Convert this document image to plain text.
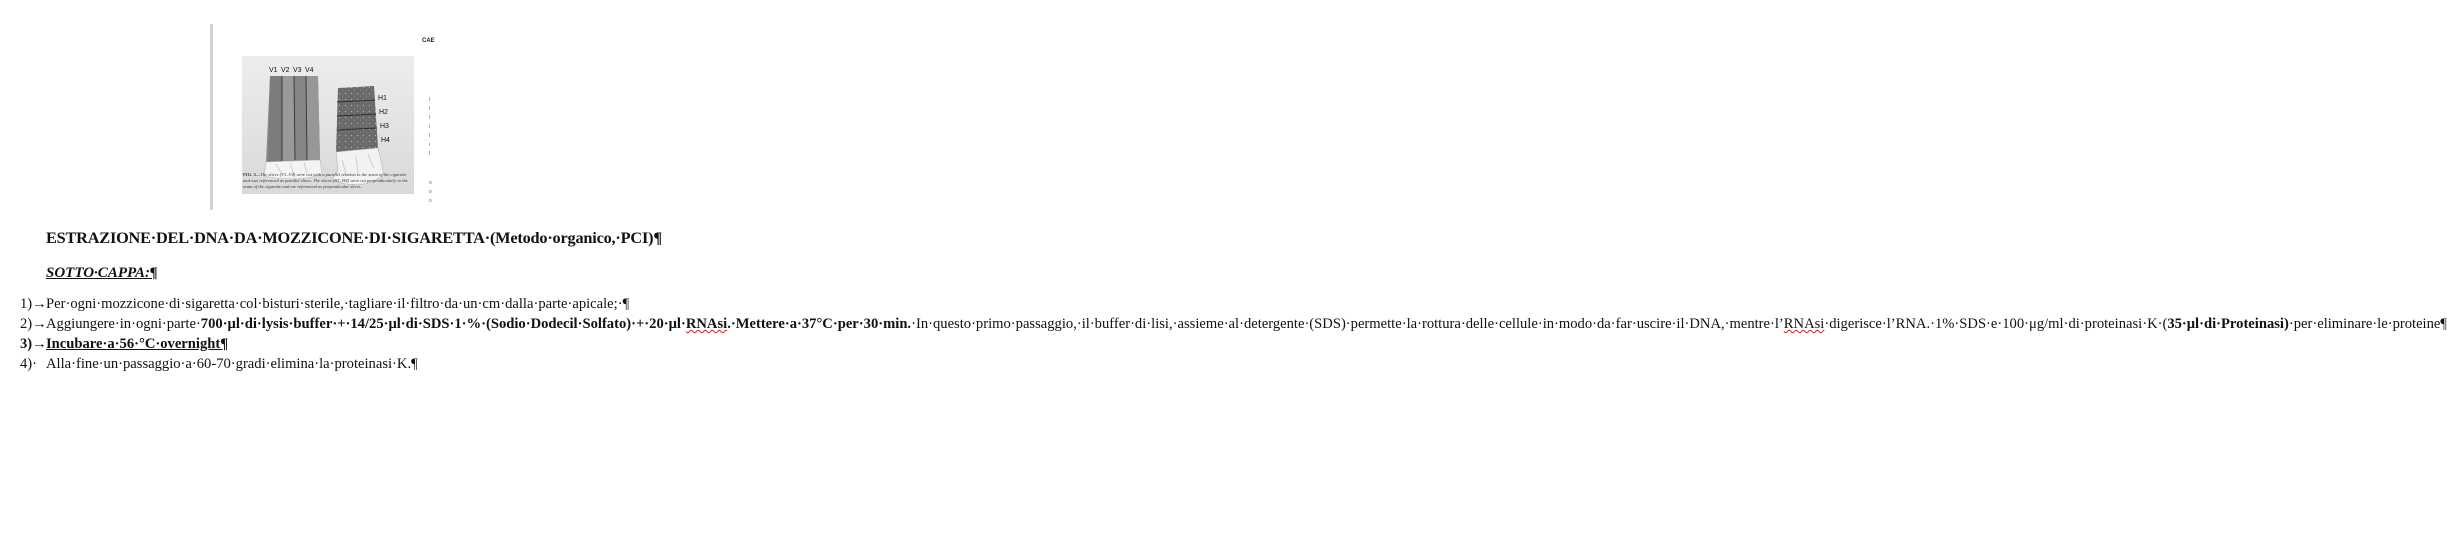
CAE
I
i
I
i
I
i
I
o
o
o
V1 V2 V3 V4
H1
H2
H3
H4
FIG. 3—The slices (V1–V4) were cut with a parallel relation to the seam of the cigarette and was referenced as parallel slices. The slices (H1–H4) were cut perpendicularly to the seam of the cigarette and are referenced as perpendicular slices.
ESTRAZIONE·DEL·DNA·DA·MOZZICONE·DI·SIGARETTA·(Metodo·organico,·PCI)¶

SOTTO·CAPPA:¶

1)→ Per·ogni·mozzicone·di·sigaretta·col·bisturi·sterile,·tagliare·il·filtro·da·un·cm·dalla·parte·apicale;·¶
2)→ Aggiungere·in·ogni·parte·700·μl·di·lysis·buffer·+·14/25·μl·di·SDS·1·%·(Sodio·Dodecil·Solfato)·+·20·μl·RNAsi.·Mettere·a·37°C·per·30·min.·In·questo·primo·passaggio,·il·buffer·di·lisi,·assieme·al·detergente·(SDS)·permette·la·rottura·delle·cellule·in·modo·da·far·uscire·il·DNA,·mentre·l’RNAsi·digerisce·l’RNA.·1%·SDS·e·100·μg/ml·di·proteinasi·K·(35·μl·di·Proteinasi)·per·eliminare·le·proteine¶
3)→ Incubare·a·56·°C·overnight¶
4)· Alla·fine·un·passaggio·a·60-70·gradi·elimina·la·proteinasi·K.¶
